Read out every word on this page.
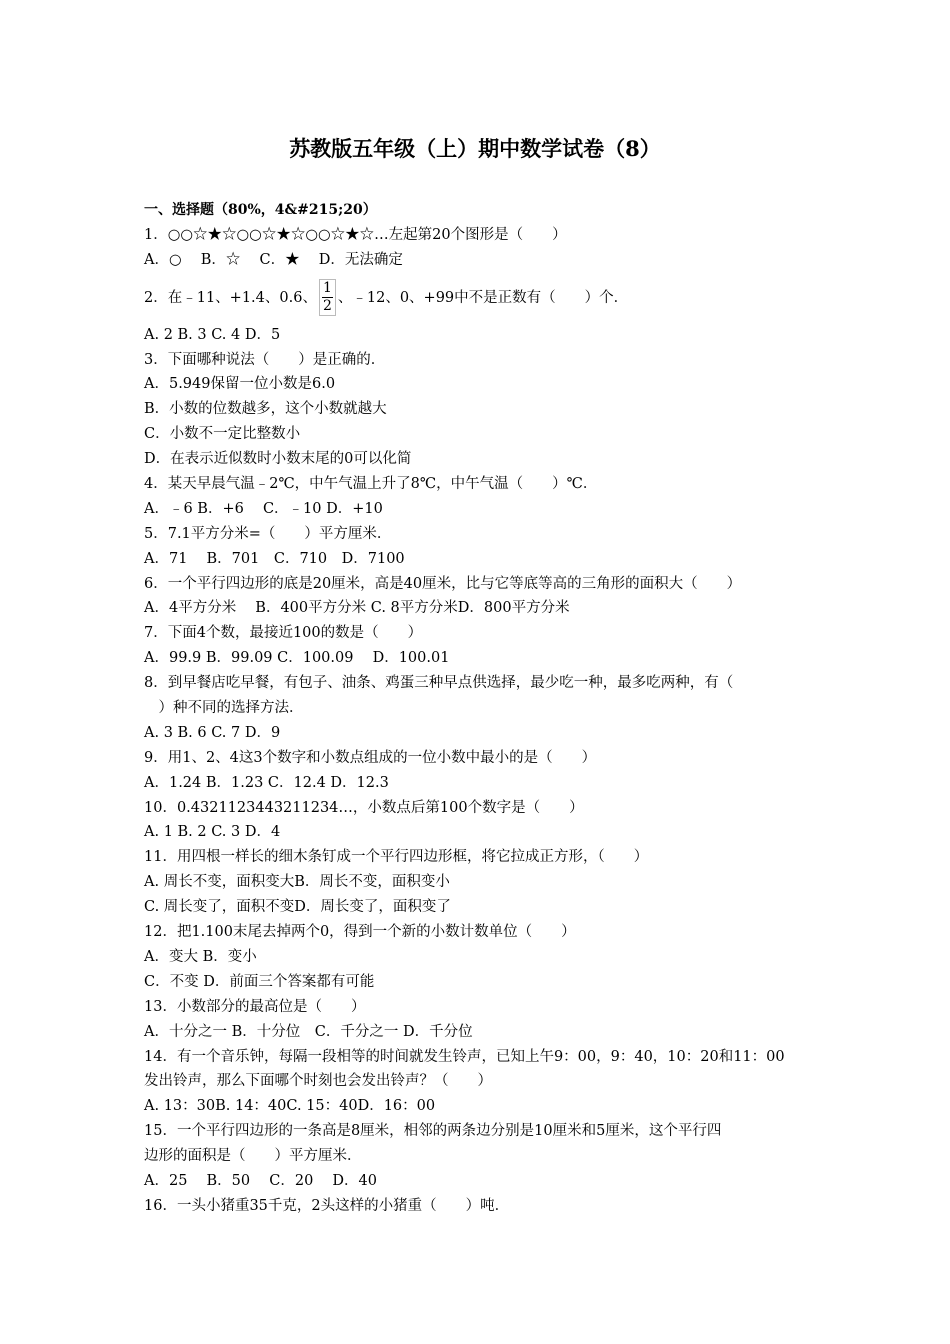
苏教版五年级（上）期中数学试卷（8）
一、选择题（80%，4&#215;20）
1．○○☆★☆○○☆★☆○○☆★☆…左起第20个图形是（　　）
A．○　 B．☆　 C．★　 D．无法确定
2．在﹣11、+1.4、0.6、 $\frac{1}{2}$ 、﹣12、0、+99中不是正数有（　　）个．
A. 2 B. 3 C. 4 D．5
3．下面哪种说法（　　）是正确的．
A．5.949保留一位小数是6.0
B．小数的位数越多，这个小数就越大
C．小数不一定比整数小
D．在表示近似数时小数末尾的0可以化简
4．某天早晨气温﹣2℃，中午气温上升了8℃，中午气温（　　）℃．
A．﹣6 B．+6　 C．﹣10 D．+10
5．7.1平方分米=（　　）平方厘米．
A．71　 B．701　C．710　D．7100
6．一个平行四边形的底是20厘米，高是40厘米，比与它等底等高的三角形的面积大（　　）
A．4平方分米　 B．400平方分米 C. 8平方分米D．800平方分米
7．下面4个数，最接近100的数是（　　）
A．99.9 B．99.09 C．100.09　 D．100.01
8．到早餐店吃早餐，有包子、油条、鸡蛋三种早点供选择，最少吃一种，最多吃两种，有（
　）种不同的选择方法．
A. 3 B. 6 C. 7 D．9
9．用1、2、4这3个数字和小数点组成的一位小数中最小的是（　　）
A．1.24 B．1.23 C．12.4 D．12.3
10．0.4321123443211234…，小数点后第100个数字是（　　）
A. 1 B. 2 C. 3 D．4
11．用四根一样长的细木条钉成一个平行四边形框，将它拉成正方形，（　　）
A. 周长不变，面积变大B．周长不变，面积变小
C. 周长变了，面积不变D．周长变了，面积变了
12．把1.100末尾去掉两个0，得到一个新的小数计数单位（　　）
A．变大 B．变小
C．不变 D．前面三个答案都有可能
13．小数部分的最高位是（　　）
A．十分之一 B．十分位　C．千分之一 D．千分位
14．有一个音乐钟，每隔一段相等的时间就发生铃声，已知上午9：00，9：40，10：20和11：00
发出铃声，那么下面哪个时刻也会发出铃声？（　　）
A. 13：30B. 14：40C. 15：40D．16：00
15．一个平行四边形的一条高是8厘米，相邻的两条边分别是10厘米和5厘米，这个平行四
边形的面积是（　　）平方厘米．
A．25　 B．50　 C．20　 D．40
16．一头小猪重35千克，2头这样的小猪重（　　）吨．
